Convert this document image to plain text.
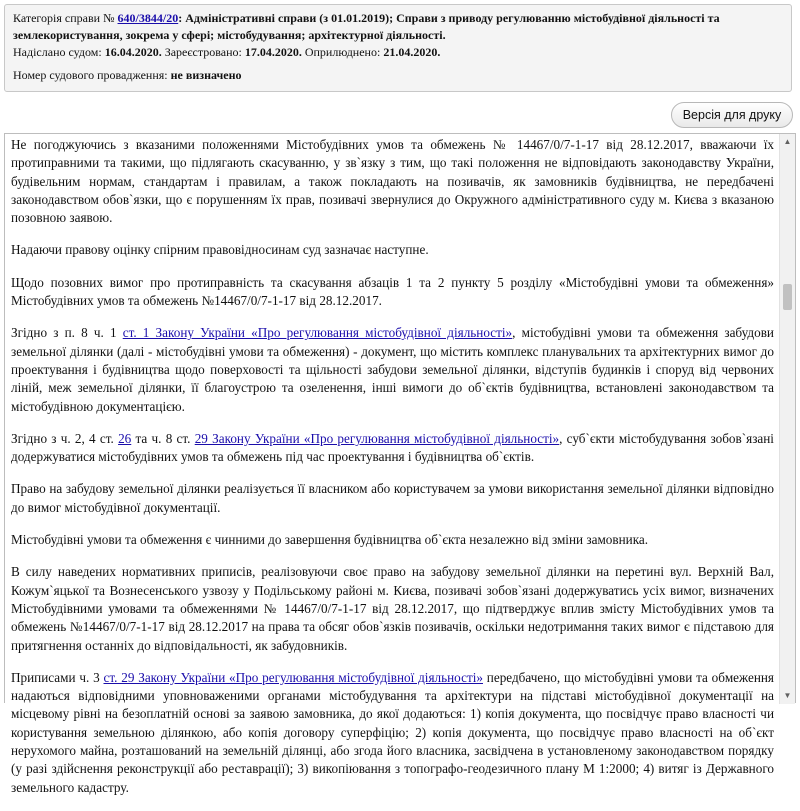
Категорія справи № 640/3844/20: Адміністративні справи (з 01.01.2019); Справи з приводу регулюванню містобудівної діяльності та
землекористування, зокрема у сфері; містобудування; архітектурної діяльності.
Надіслано судом: 16.04.2020. Зареєстровано: 17.04.2020. Оприлюднено: 21.04.2020.
Номер судового провадження: не визначено
Версія для друку

Не погоджуючись з вказаними положеннями Містобудівних умов та обмежень № 14467/0/7-1-17 від 28.12.2017, вважаючи їх протиправними та такими, що підлягають скасуванню, у зв`язку з тим, що такі положення не відповідають законодавству України, будівельним нормам, стандартам і правилам, а також покладають на позивачів, як замовників будівництва, не передбачені законодавством обов`язки, що є порушенням їх прав, позивачі звернулися до Окружного адміністративного суду м. Києва з вказаною позовною заявою.

Надаючи правову оцінку спірним правовідносинам суд зазначає наступне.

Щодо позовних вимог про протиправність та скасування абзаців 1 та 2 пункту 5 розділу «Містобудівні умови та обмеження» Містобудівних умов та обмежень №14467/0/7-1-17 від 28.12.2017.

Згідно з п. 8 ч. 1 ст. 1 Закону України «Про регулювання містобудівної діяльності», містобудівні умови та обмеження забудови земельної ділянки (далі - містобудівні умови та обмеження) - документ, що містить комплекс планувальних та архітектурних вимог до проектування і будівництва щодо поверховості та щільності забудови земельної ділянки, відступів будинків і споруд від червоних ліній, меж земельної ділянки, її благоустрою та озеленення, інші вимоги до об`єктів будівництва, встановлені законодавством та містобудівною документацією.

Згідно з ч. 2, 4 ст. 26 та ч. 8 ст. 29 Закону України «Про регулювання містобудівної діяльності», суб`єкти містобудування зобов`язані додержуватися містобудівних умов та обмежень під час проектування і будівництва об`єктів.

Право на забудову земельної ділянки реалізується її власником або користувачем за умови використання земельної ділянки відповідно до вимог містобудівної документації.

Містобудівні умови та обмеження є чинними до завершення будівництва об`єкта незалежно від зміни замовника.

В силу наведених нормативних приписів, реалізовуючи своє право на забудову земельної ділянки на перетині вул. Верхній Вал, Кожум`яцької та Вознесенського узвозу у Подільському районі м. Києва, позивачі зобов`язані додержуватись усіх вимог, визначених Містобудівними умовами та обмеженнями № 14467/0/7-1-17 від 28.12.2017, що підтверджує вплив змісту Містобудівних умов та обмежень №14467/0/7-1-17 від 28.12.2017 на права та обсяг обов`язків позивачів, оскільки недотримання таких вимог є підставою для притягнення останніх до відповідальності, як забудовників.

Приписами ч. 3 ст. 29 Закону України «Про регулювання містобудівної діяльності» передбачено, що містобудівні умови та обмеження надаються відповідними уповноваженими органами містобудування та архітектури на підставі містобудівної документації на місцевому рівні на безоплатній основі за заявою замовника, до якої додаються: 1) копія документа, що посвідчує право власності чи користування земельною ділянкою, або копія договору суперфіцію; 2) копія документа, що посвідчує право власності на об`єкт нерухомого майна, розташований на земельній ділянці, або згода його власника, засвідчена в установленому законодавством порядку (у разі здійснення реконструкції або реставрації); 3) викопіювання з топографо-геодезичного плану М 1:2000; 4) витяг із Державного земельного кадастру.

▲
▼
